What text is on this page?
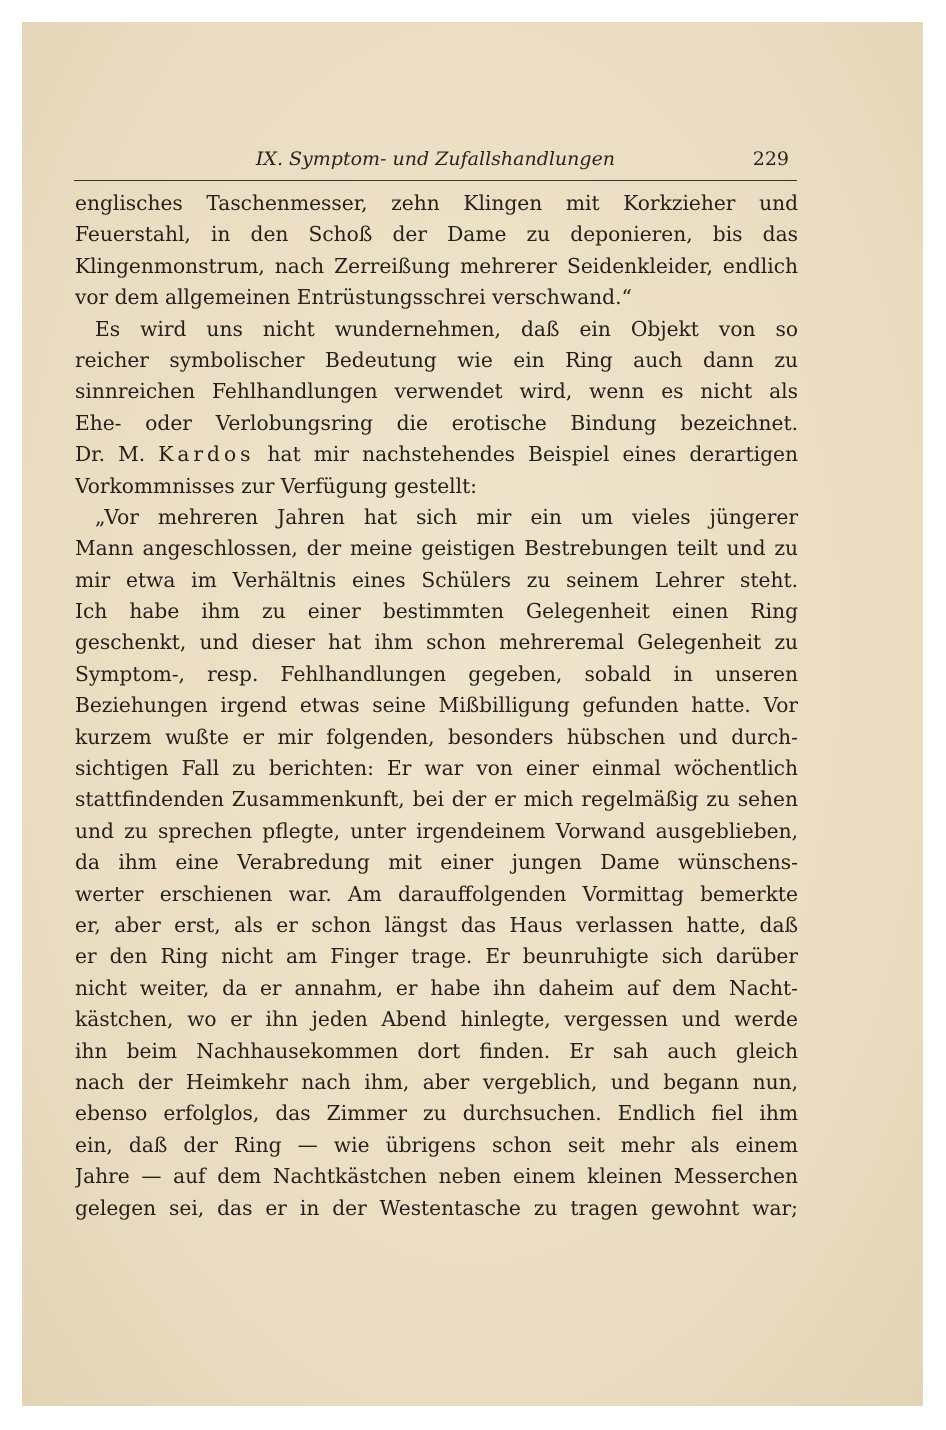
IX. Symptom- und Zufallshandlungen	229
englisches Taschenmesser, zehn Klingen mit Korkzieher und
Feuerstahl, in den Schoß der Dame zu deponieren, bis das
Klingenmonstrum, nach Zerreißung mehrerer Seidenkleider, endlich
vor dem allgemeinen Entrüstungsschrei verschwand.“
Es wird uns nicht wundernehmen, daß ein Objekt von so
reicher symbolischer Bedeutung wie ein Ring auch dann zu
sinnreichen Fehlhandlungen verwendet wird, wenn es nicht als
Ehe- oder Verlobungsring die erotische Bindung bezeichnet.
Dr. M. Kardos hat mir nachstehendes Beispiel eines derartigen
Vorkommnisses zur Verfügung gestellt:
„Vor mehreren Jahren hat sich mir ein um vieles jüngerer
Mann angeschlossen, der meine geistigen Bestrebungen teilt und zu
mir etwa im Verhältnis eines Schülers zu seinem Lehrer steht.
Ich habe ihm zu einer bestimmten Gelegenheit einen Ring
geschenkt, und dieser hat ihm schon mehreremal Gelegenheit zu
Symptom-, resp. Fehlhandlungen gegeben, sobald in unseren
Beziehungen irgend etwas seine Mißbilligung gefunden hatte. Vor
kurzem wußte er mir folgenden, besonders hübschen und durch-
sichtigen Fall zu berichten: Er war von einer einmal wöchentlich
stattfindenden Zusammenkunft, bei der er mich regelmäßig zu sehen
und zu sprechen pflegte, unter irgendeinem Vorwand ausgeblieben,
da ihm eine Verabredung mit einer jungen Dame wünschens-
werter erschienen war. Am darauffolgenden Vormittag bemerkte
er, aber erst, als er schon längst das Haus verlassen hatte, daß
er den Ring nicht am Finger trage. Er beunruhigte sich darüber
nicht weiter, da er annahm, er habe ihn daheim auf dem Nacht-
kästchen, wo er ihn jeden Abend hinlegte, vergessen und werde
ihn beim Nachhausekommen dort finden. Er sah auch gleich
nach der Heimkehr nach ihm, aber vergeblich, und begann nun,
ebenso erfolglos, das Zimmer zu durchsuchen. Endlich fiel ihm
ein, daß der Ring — wie übrigens schon seit mehr als einem
Jahre — auf dem Nachtkästchen neben einem kleinen Messerchen
gelegen sei, das er in der Westentasche zu tragen gewohnt war;
